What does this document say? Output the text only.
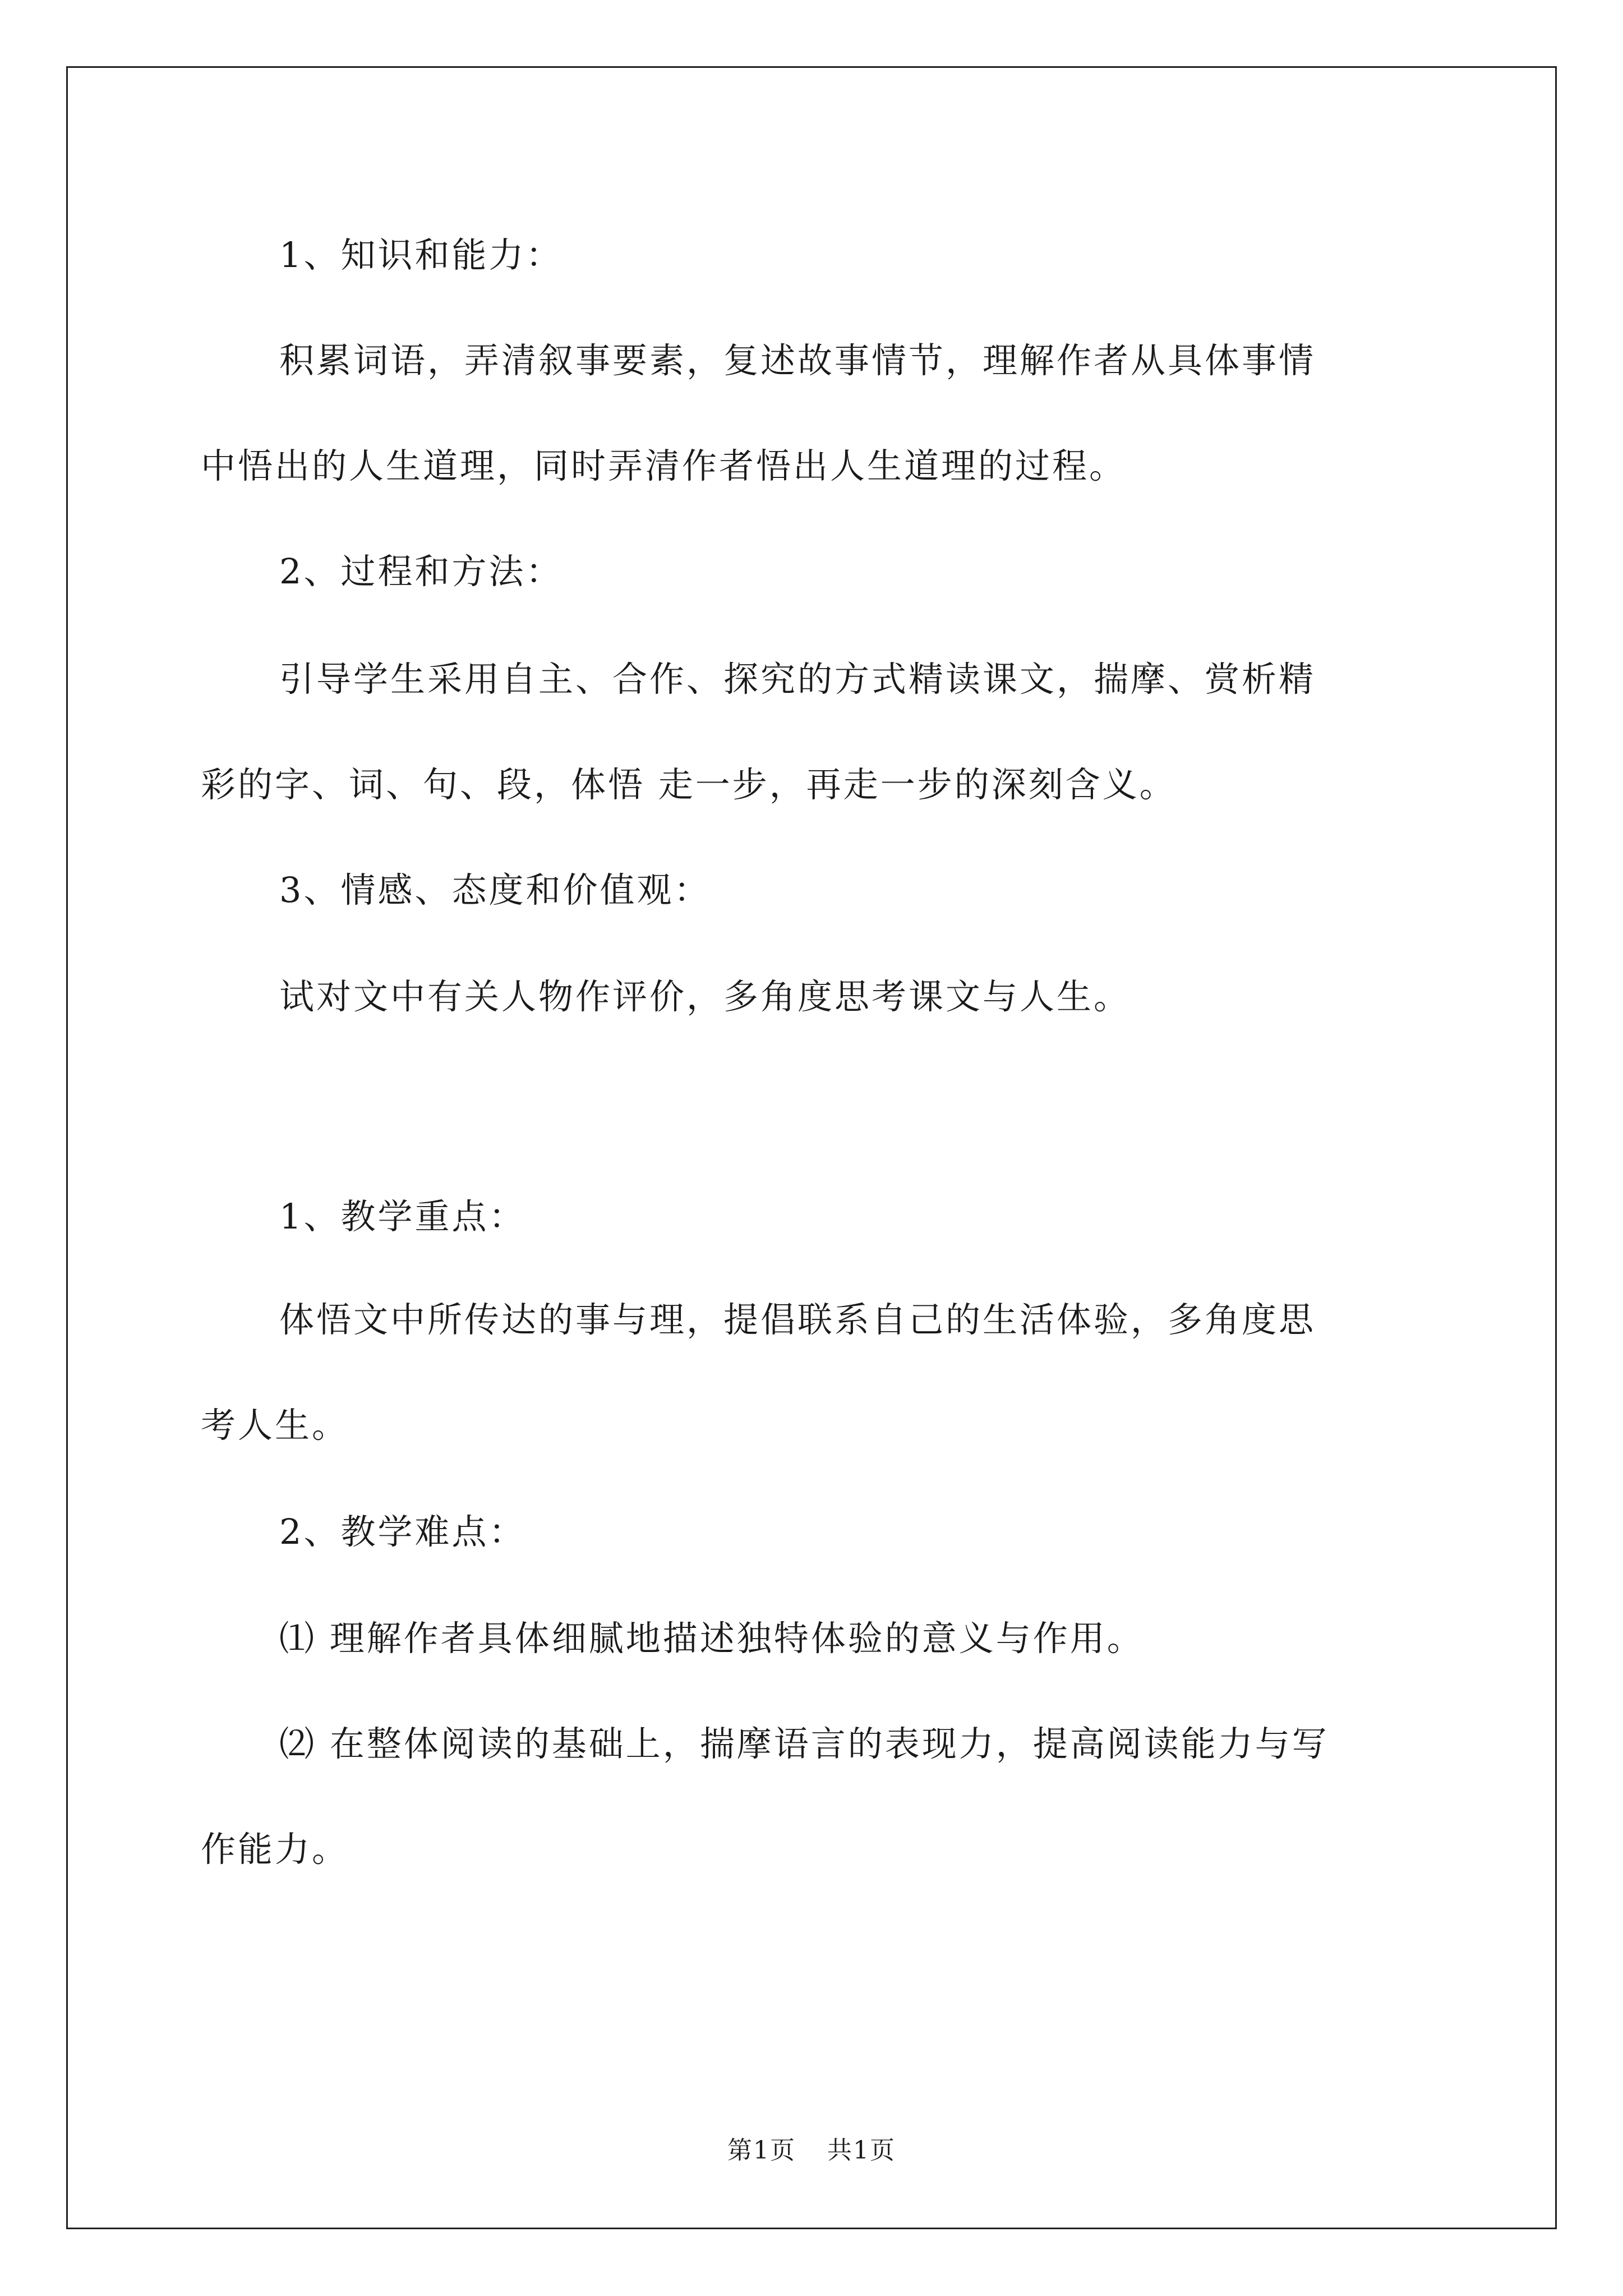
1、知识和能力：
积累词语，弄清叙事要素，复述故事情节，理解作者从具体事情
中悟出的人生道理，同时弄清作者悟出人生道理的过程。
2、过程和方法：
引导学生采用自主、合作、探究的方式精读课文，揣摩、赏析精
彩的字、词、句、段，体悟 走一步，再走一步的深刻含义。
3、情感、态度和价值观：
试对文中有关人物作评价，多角度思考课文与人生。
1、教学重点：
体悟文中所传达的事与理，提倡联系自己的生活体验，多角度思
考人生。
2、教学难点：
⑴ 理解作者具体细腻地描述独特体验的意义与作用。
⑵ 在整体阅读的基础上，揣摩语言的表现力，提高阅读能力与写
作能力。
第1页 共1页
